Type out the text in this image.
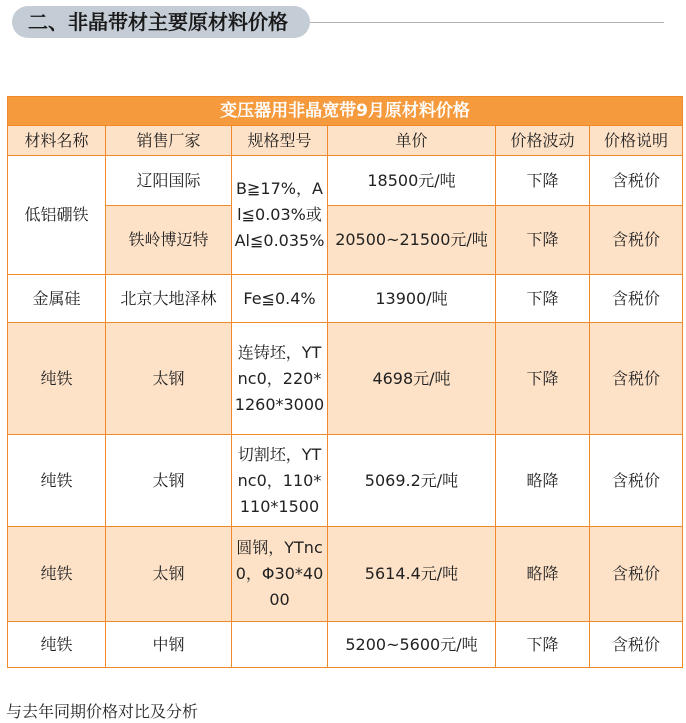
二、非晶带材主要原材料价格
变压器用非晶宽带9月原材料价格					
材料名称	销售厂家	规格型号	单价	价格波动	价格说明
低铝硼铁	辽阳国际	B≧17%，Al≦0.03%或Al≦0.035%	18500元/吨	下降	含税价
	铁岭博迈特		20500~21500元/吨	下降	含税价
金属硅	北京大地泽林	Fe≦0.4%	13900/吨	下降	含税价
纯铁	太钢	连铸坯，YTnc0，220*1260*3000	4698元/吨	下降	含税价
纯铁	太钢	切割坯，YTnc0，110*110*1500	5069.2元/吨	略降	含税价
纯铁	太钢	圆钢，YTnc0，Φ30*4000	5614.4元/吨	略降	含税价
纯铁	中钢		5200~5600元/吨	下降	含税价
与去年同期价格对比及分析
